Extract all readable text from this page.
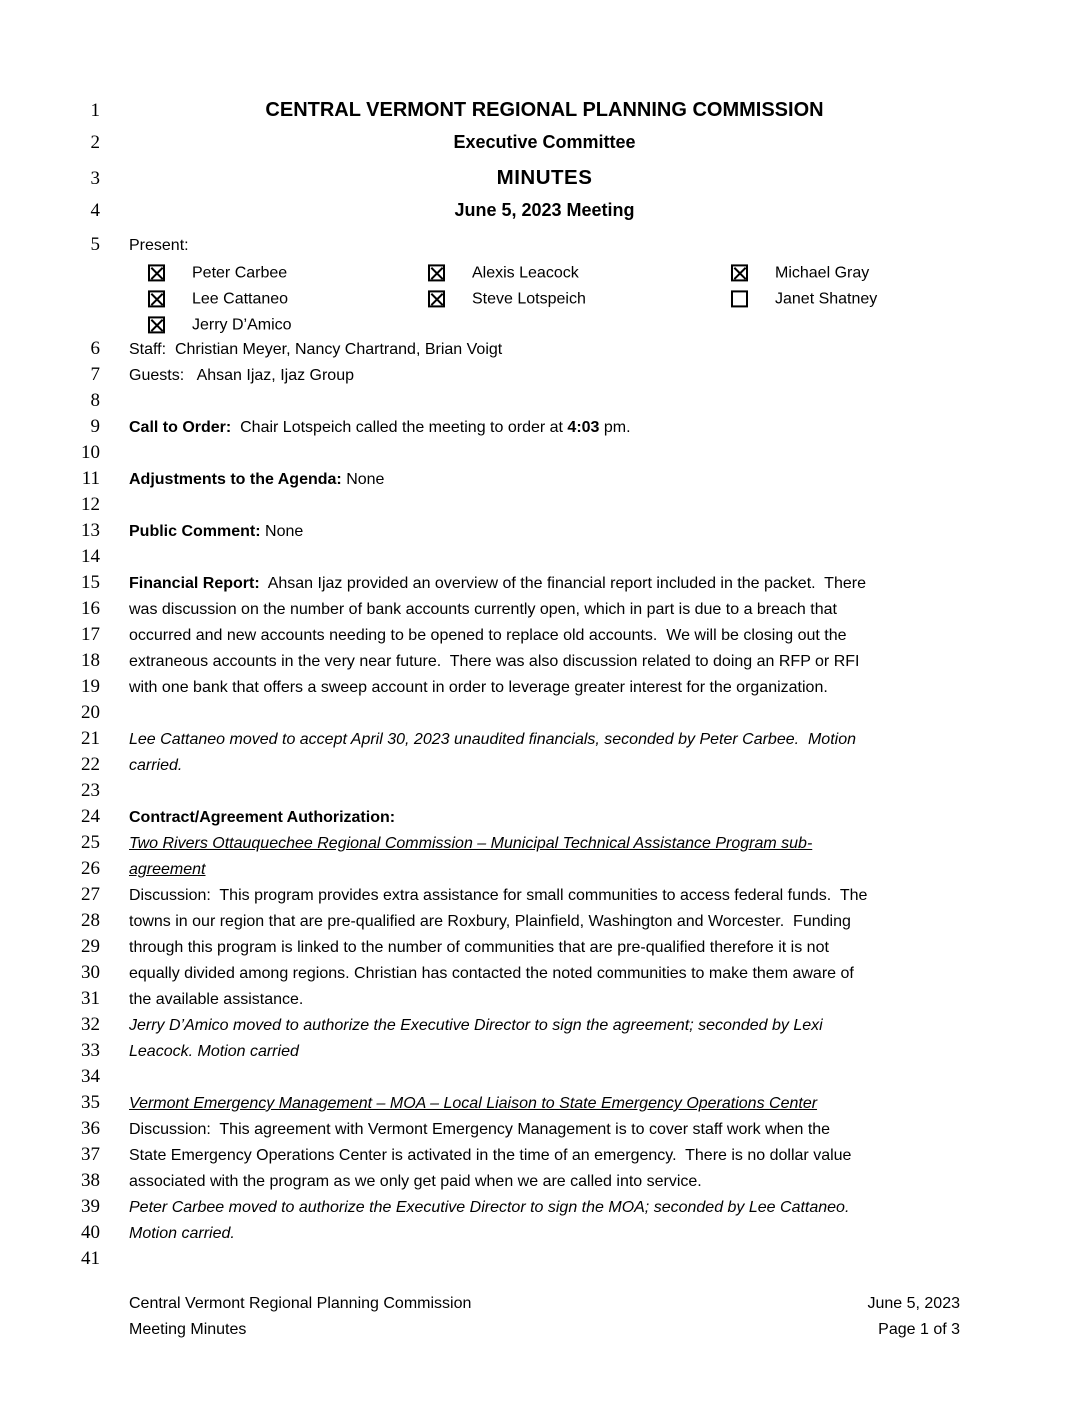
1	CENTRAL VERMONT REGIONAL PLANNING COMMISSION
2	Executive Committee
3	MINUTES
4	June 5, 2023 Meeting
5 Present:
Peter Carbee	Alexis Leacock	Michael Gray
Lee Cattaneo	Steve Lotspeich	Janet Shatney
Jerry D’Amico
6 Staff:  Christian Meyer, Nancy Chartrand, Brian Voigt
7 Guests:   Ahsan Ijaz, Ijaz Group
8
9 Call to Order:  Chair Lotspeich called the meeting to order at 4:03 pm.
10
11 Adjustments to the Agenda: None
12
13 Public Comment: None
14
15 Financial Report:  Ahsan Ijaz provided an overview of the financial report included in the packet.  There
16 was discussion on the number of bank accounts currently open, which in part is due to a breach that
17 occurred and new accounts needing to be opened to replace old accounts.  We will be closing out the
18 extraneous accounts in the very near future.  There was also discussion related to doing an RFP or RFI
19 with one bank that offers a sweep account in order to leverage greater interest for the organization.
20
21 Lee Cattaneo moved to accept April 30, 2023 unaudited financials, seconded by Peter Carbee.  Motion
22 carried.
23
24 Contract/Agreement Authorization:
25 Two Rivers Ottauquechee Regional Commission – Municipal Technical Assistance Program sub-
26 agreement
27 Discussion:  This program provides extra assistance for small communities to access federal funds.  The
28 towns in our region that are pre-qualified are Roxbury, Plainfield, Washington and Worcester.  Funding
29 through this program is linked to the number of communities that are pre-qualified therefore it is not
30 equally divided among regions. Christian has contacted the noted communities to make them aware of
31 the available assistance.
32 Jerry D’Amico moved to authorize the Executive Director to sign the agreement; seconded by Lexi
33 Leacock. Motion carried
34
35 Vermont Emergency Management – MOA – Local Liaison to State Emergency Operations Center
36 Discussion:  This agreement with Vermont Emergency Management is to cover staff work when the
37 State Emergency Operations Center is activated in the time of an emergency.  There is no dollar value
38 associated with the program as we only get paid when we are called into service.
39 Peter Carbee moved to authorize the Executive Director to sign the MOA; seconded by Lee Cattaneo.
40 Motion carried.
41
Central Vermont Regional Planning Commission
Meeting Minutes
June 5, 2023
Page 1 of 3
